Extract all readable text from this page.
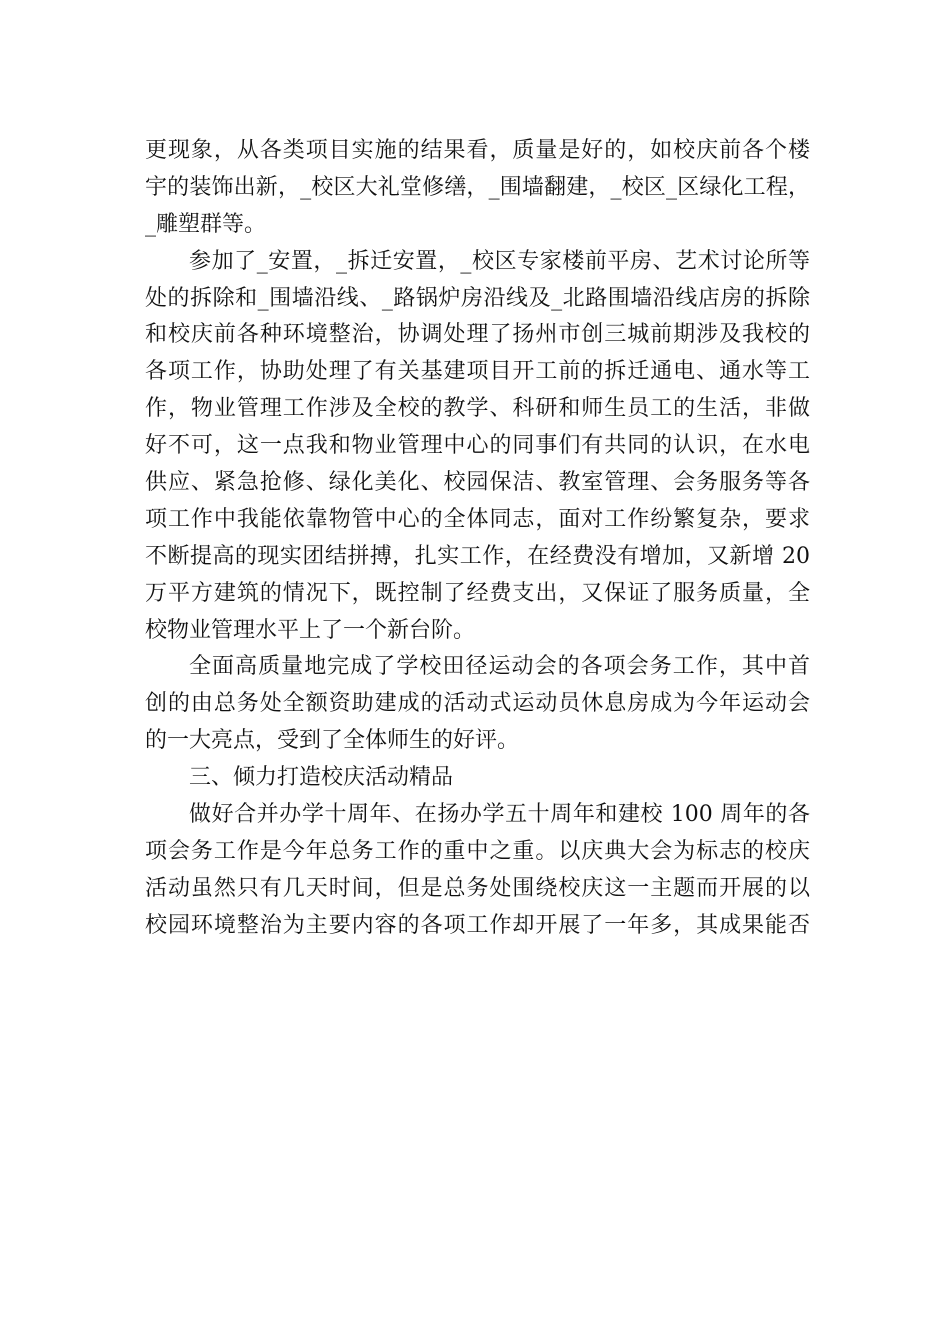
更现象，从各类项目实施的结果看，质量是好的，如校庆前各个楼
宇的装饰出新，_校区大礼堂修缮，_围墙翻建，_校区_区绿化工程，
_雕塑群等。
参加了_安置，_拆迁安置，_校区专家楼前平房、艺术讨论所等
处的拆除和_围墙沿线、_路锅炉房沿线及_北路围墙沿线店房的拆除
和校庆前各种环境整治，协调处理了扬州市创三城前期涉及我校的
各项工作，协助处理了有关基建项目开工前的拆迁通电、通水等工
作，物业管理工作涉及全校的教学、科研和师生员工的生活，非做
好不可，这一点我和物业管理中心的同事们有共同的认识，在水电
供应、紧急抢修、绿化美化、校园保洁、教室管理、会务服务等各
项工作中我能依靠物管中心的全体同志，面对工作纷繁复杂，要求
不断提高的现实团结拼搏，扎实工作，在经费没有增加，又新增 20
万平方建筑的情况下，既控制了经费支出，又保证了服务质量，全
校物业管理水平上了一个新台阶。
全面高质量地完成了学校田径运动会的各项会务工作，其中首
创的由总务处全额资助建成的活动式运动员休息房成为今年运动会
的一大亮点，受到了全体师生的好评。
三、倾力打造校庆活动精品
做好合并办学十周年、在扬办学五十周年和建校 100 周年的各
项会务工作是今年总务工作的重中之重。以庆典大会为标志的校庆
活动虽然只有几天时间，但是总务处围绕校庆这一主题而开展的以
校园环境整治为主要内容的各项工作却开展了一年多，其成果能否
